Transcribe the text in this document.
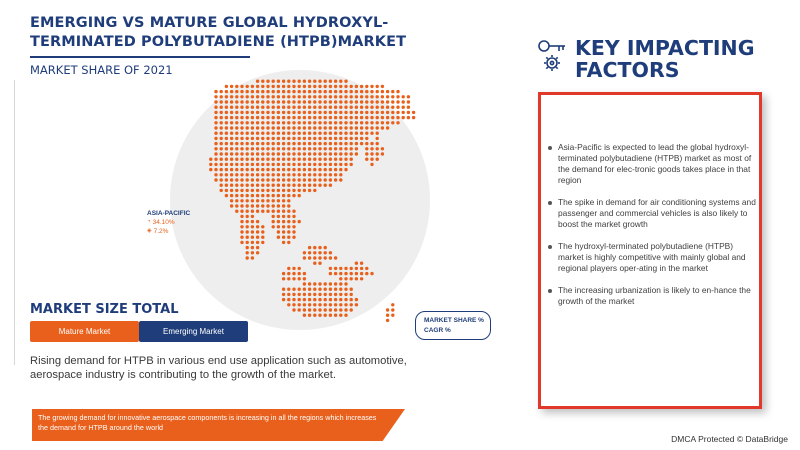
EMERGING VS MATURE GLOBAL HYDROXYL-TERMINATED POLYBUTADIENE (HTPB)MARKET
MARKET SHARE OF 2021
ASIA-PACIFIC
◔ 34.10%
◈ 7.2%
MARKET SIZE TOTAL
Mature Market	Emerging Market
MARKET SHARE %
CAGR %
Rising demand for HTPB in various end use application such as automotive, aerospace industry is contributing to the growth of the market.
The growing demand for innovative aerospace components is increasing in all the regions which increases the demand for HTPB around the world
KEY IMPACTING
FACTORS
Asia-Pacific is expected to lead the global hydroxyl-terminated polybutadiene (HTPB) market as most of the demand for elec-tronic goods takes place in that region
The spike in demand for air conditioning systems and passenger and commercial vehicles is also likely to boost the market growth
The hydroxyl-terminated polybutadiene (HTPB) market is highly competitive with mainly global and regional players oper-ating in the market
The increasing urbanization is likely to en-hance the growth of the market
DMCA Protected © DataBridge
